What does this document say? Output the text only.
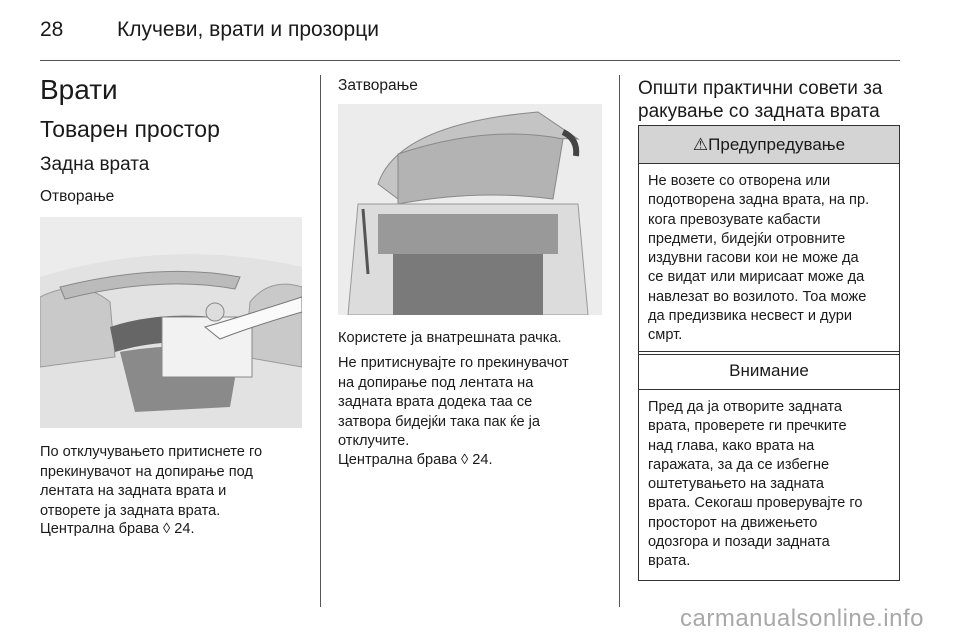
28	Клучеви, врати и прозорци
Врати
Товарен простор
Задна врата
Отворање
По отклучувањето притиснете го
прекинувачот на допирање под
лентата на задната врата и
отворете ја задната врата.
Централна брава ◊ 24.
Затворање
Користете ја внатрешната рачка.
Не притиснувајте го прекинувачот
на допирање под лентата на
задната врата додека таа се
затвора бидејќи така пак ќе ја
отклучите.
Централна брава ◊ 24.
Општи практични совети за
ракување со задната врата
⚠Предупредување
Не возете со отворена или
подотворена задна врата, на пр.
кога превозувате кабасти
предмети, бидејќи отровните
издувни гасови кои не може да
се видат или мирисаат може да
навлезат во возилото. Тоа може
да предизвика несвест и дури
смрт.
Внимание
Пред да ја отворите задната
врата, проверете ги пречките
над глава, како врата на
гаражата, за да се избегне
оштетувањето на задната
врата. Секогаш проверувајте го
просторот на движењето
одозгора и позади задната
врата.
carmanualsonline.info
